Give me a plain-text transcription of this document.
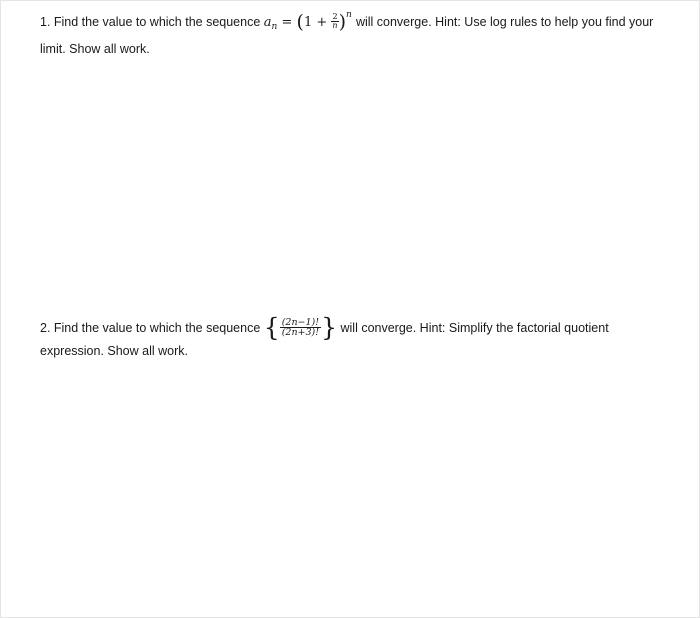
1. Find the value to which the sequence $a_n = (1 + \frac{2}{n} )^n$ will converge. Hint: Use log rules to help you find your
limit. Show all work.
2. Find the value to which the sequence { $\frac{(2n-1)!}{(2n+3)!}$ } will converge. Hint: Simplify the factorial quotient
expression. Show all work.
